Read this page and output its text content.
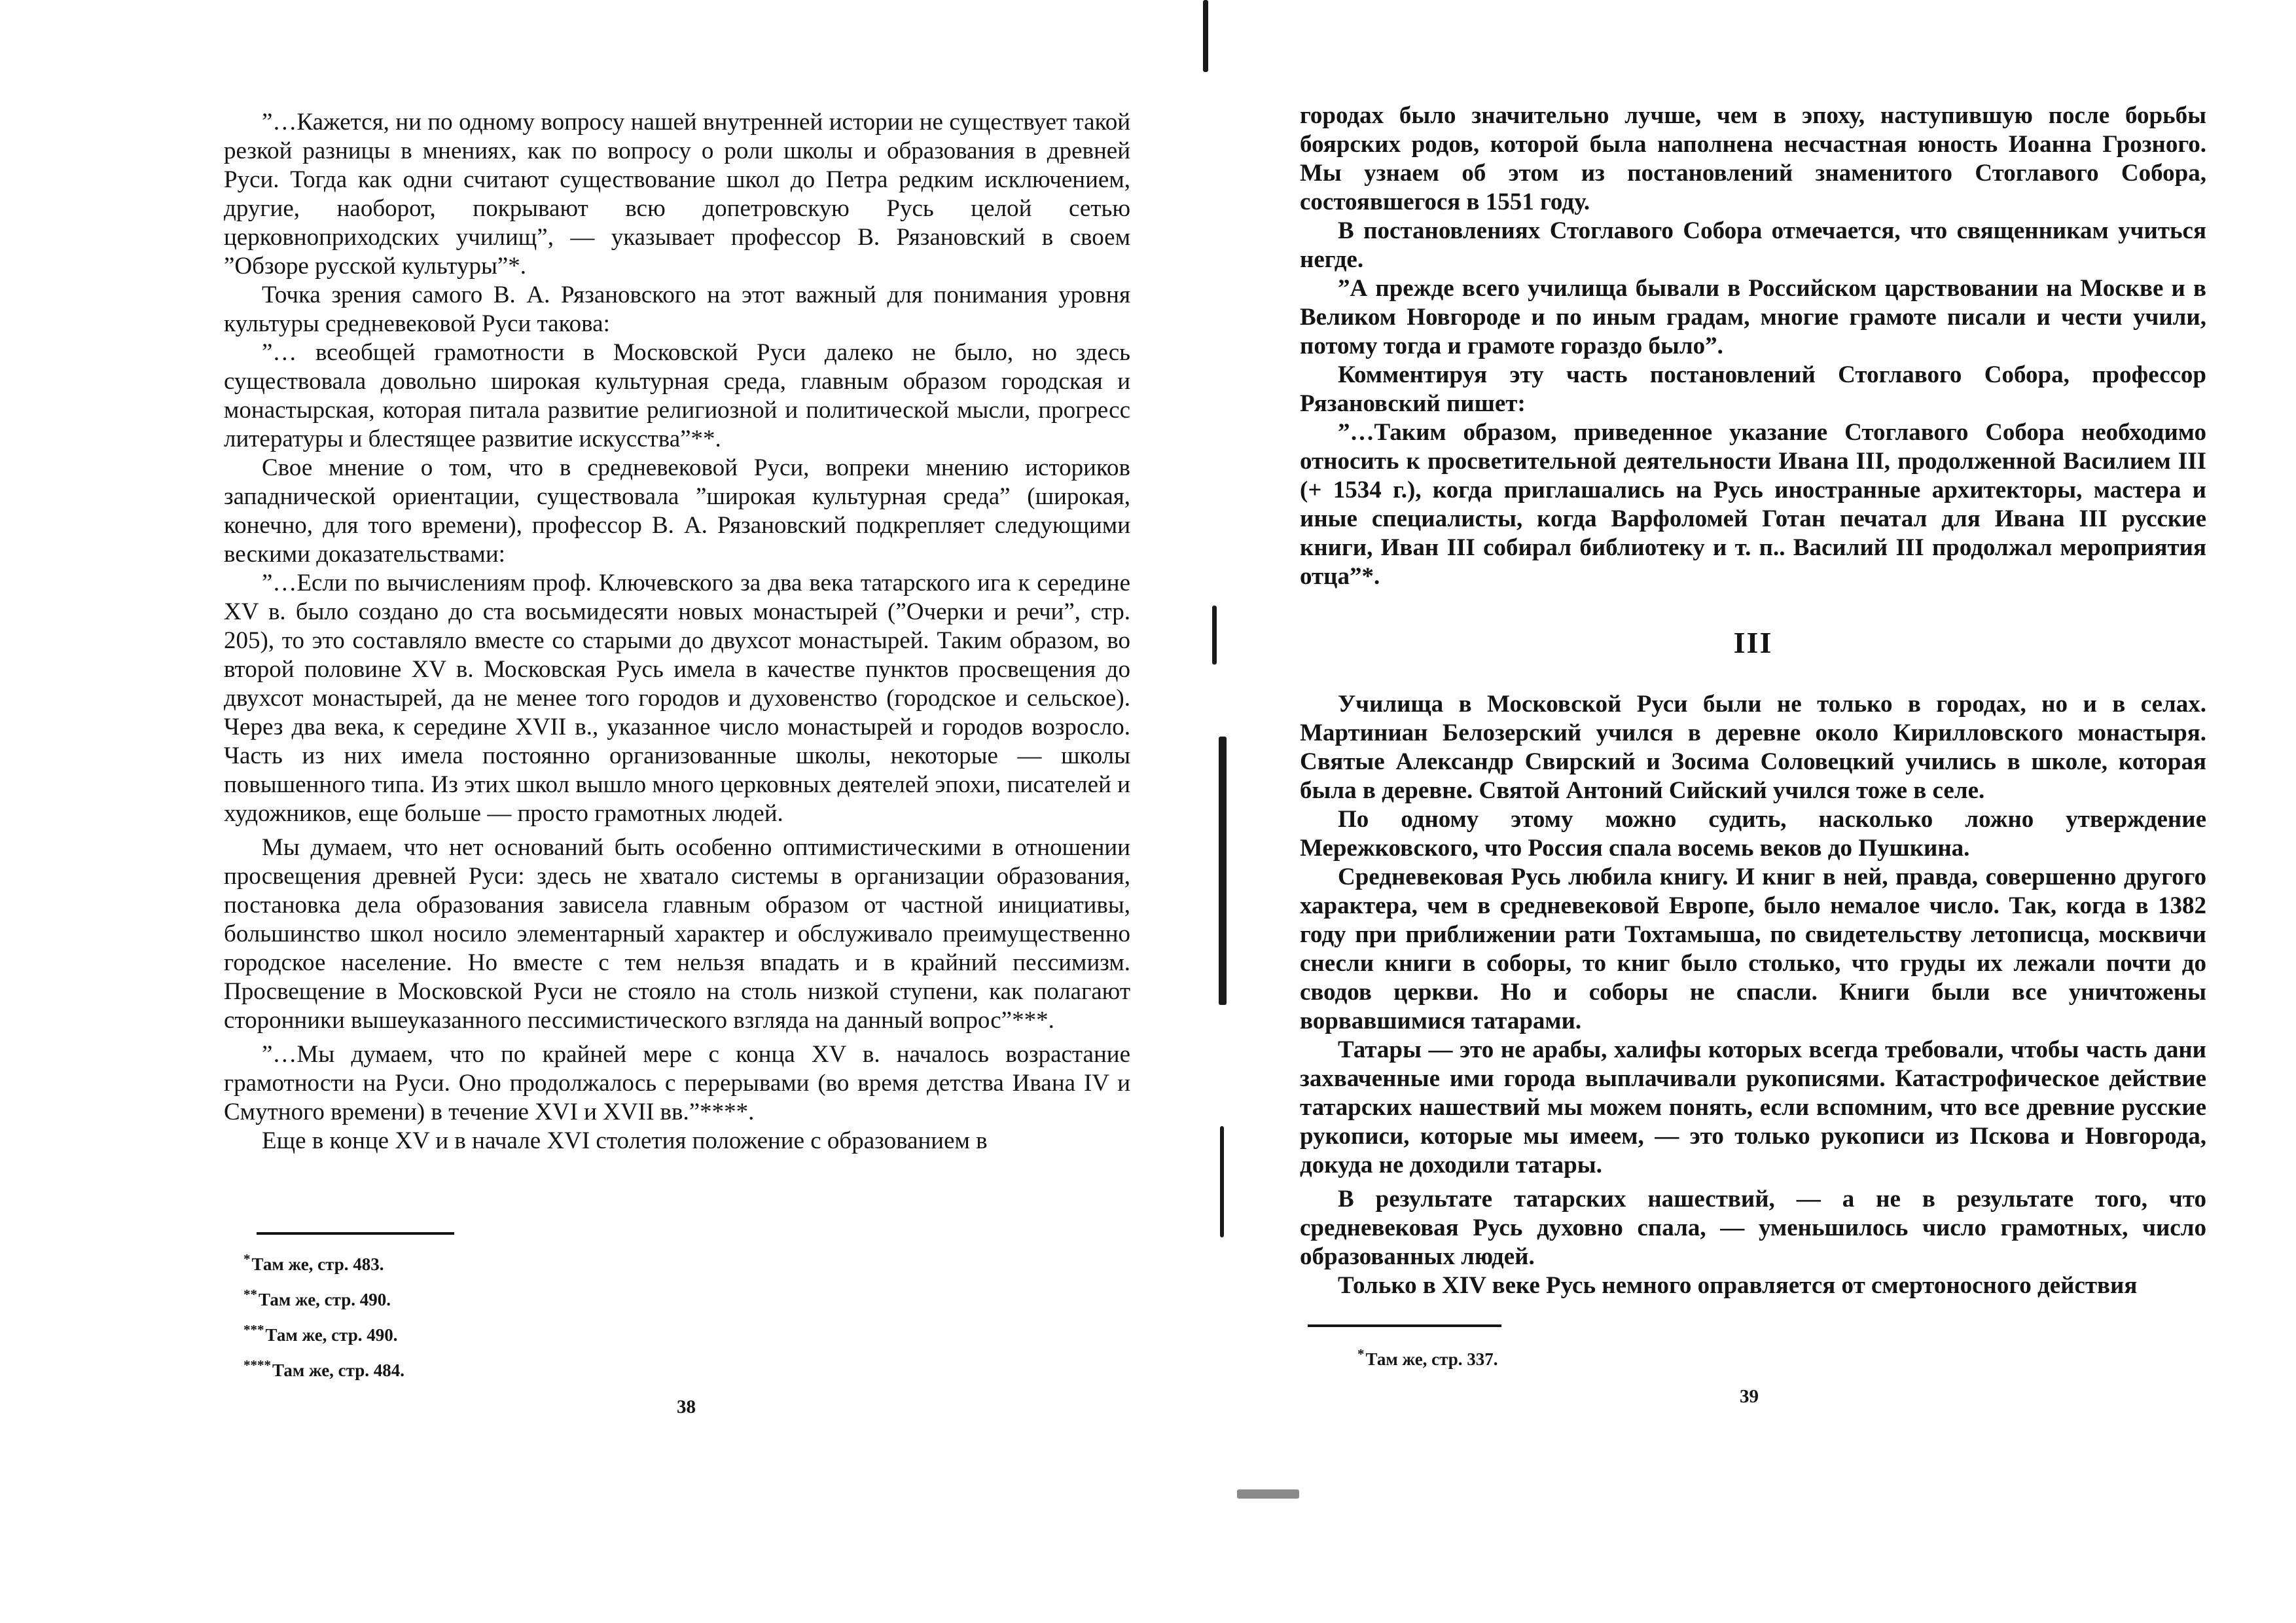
”…Кажется, ни по одному вопросу нашей внутренней истории не существует такой резкой разницы в мнениях, как по вопросу о роли школы и образования в древней Руси. Тогда как одни считают существование школ до Петра редким исключением, другие, наоборот, покрывают всю допетровскую Русь целой сетью церковноприходских училищ”, — указывает профессор В. Рязановский в своем ”Обзоре русской культуры”*.

Точка зрения самого В. А. Рязановского на этот важный для понимания уровня культуры средневековой Руси такова:

”… всеобщей грамотности в Московской Руси далеко не было, но здесь существовала довольно широкая культурная среда, главным образом городская и монастырская, которая питала развитие религиозной и политической мысли, прогресс литературы и блестящее развитие искусства”**.

Свое мнение о том, что в средневековой Руси, вопреки мнению историков западнической ориентации, существовала ”широкая культурная среда” (широкая, конечно, для того времени), профессор В. А. Рязановский подкрепляет следующими вескими доказательствами:

”…Если по вычислениям проф. Ключевского за два века татарского ига к середине XV в. было создано до ста восьмидесяти новых монастырей (”Очерки и речи”, стр. 205), то это составляло вместе со старыми до двухсот монастырей. Таким образом, во второй половине XV в. Московская Русь имела в качестве пунктов просвещения до двухсот монастырей, да не менее того городов и духовенство (городское и сельское). Через два века, к середине XVII в., указанное число монастырей и городов возросло. Часть из них имела постоянно организованные школы, некоторые — школы повышенного типа. Из этих школ вышло много церковных деятелей эпохи, писателей и художников, еще больше — просто грамотных людей.

Мы думаем, что нет оснований быть особенно оптимистическими в отношении просвещения древней Руси: здесь не хватало системы в организации образования, постановка дела образования зависела главным образом от частной инициативы, большинство школ носило элементарный характер и обслуживало преимущественно городское население. Но вместе с тем нельзя впадать и в крайний пессимизм. Просвещение в Московской Руси не стояло на столь низкой ступени, как полагают сторонники вышеуказанного пессимистического взгляда на данный вопрос”***.

”…Мы думаем, что по крайней мере с конца XV в. началось возрастание грамотности на Руси. Оно продолжалось с перерывами (во время детства Ивана IV и Смутного времени) в течение XVI и XVII вв.”****.

Еще в конце XV и в начале XVI столетия положение с образованием в

*Там же, стр. 483.
**Там же, стр. 490.
***Там же, стр. 490.
****Там же, стр. 484.
38

городах было значительно лучше, чем в эпоху, наступившую после борьбы боярских родов, которой была наполнена несчастная юность Иоанна Грозного. Мы узнаем об этом из постановлений знаменитого Стоглавого Собора, состоявшегося в 1551 году.

В постановлениях Стоглавого Собора отмечается, что священникам учиться негде.

”А прежде всего училища бывали в Российском царствовании на Москве и в Великом Новгороде и по иным градам, многие грамоте писали и чести учили, потому тогда и грамоте гораздо было”.

Комментируя эту часть постановлений Стоглавого Собора, профессор Рязановский пишет:

”…Таким образом, приведенное указание Стоглавого Собора необходимо относить к просветительной деятельности Ивана III, продолженной Василием III (+ 1534 г.), когда приглашались на Русь иностранные архитекторы, мастера и иные специалисты, когда Варфоломей Готан печатал для Ивана III русские книги, Иван III собирал библиотеку и т. п.. Василий III продолжал мероприятия отца”*.

III

Училища в Московской Руси были не только в городах, но и в селах. Мартиниан Белозерский учился в деревне около Кирилловского монастыря. Святые Александр Свирский и Зосима Соловецкий учились в школе, которая была в деревне. Святой Антоний Сийский учился тоже в селе.

По одному этому можно судить, насколько ложно утверждение Мережковского, что Россия спала восемь веков до Пушкина.

Средневековая Русь любила книгу. И книг в ней, правда, совершенно другого характера, чем в средневековой Европе, было немалое число. Так, когда в 1382 году при приближении рати Тохтамыша, по свидетельству летописца, москвичи снесли книги в соборы, то книг было столько, что груды их лежали почти до сводов церкви. Но и соборы не спасли. Книги были все уничтожены ворвавшимися татарами.

Татары — это не арабы, халифы которых всегда требовали, чтобы часть дани захваченные ими города выплачивали рукописями. Катастрофическое действие татарских нашествий мы можем понять, если вспомним, что все древние русские рукописи, которые мы имеем, — это только рукописи из Пскова и Новгорода, докуда не доходили татары.

В результате татарских нашествий, — а не в результате того, что средневековая Русь духовно спала, — уменьшилось число грамотных, число образованных людей.

Только в XIV веке Русь немного оправляется от смертоносного действия

*Там же, стр. 337.
39
